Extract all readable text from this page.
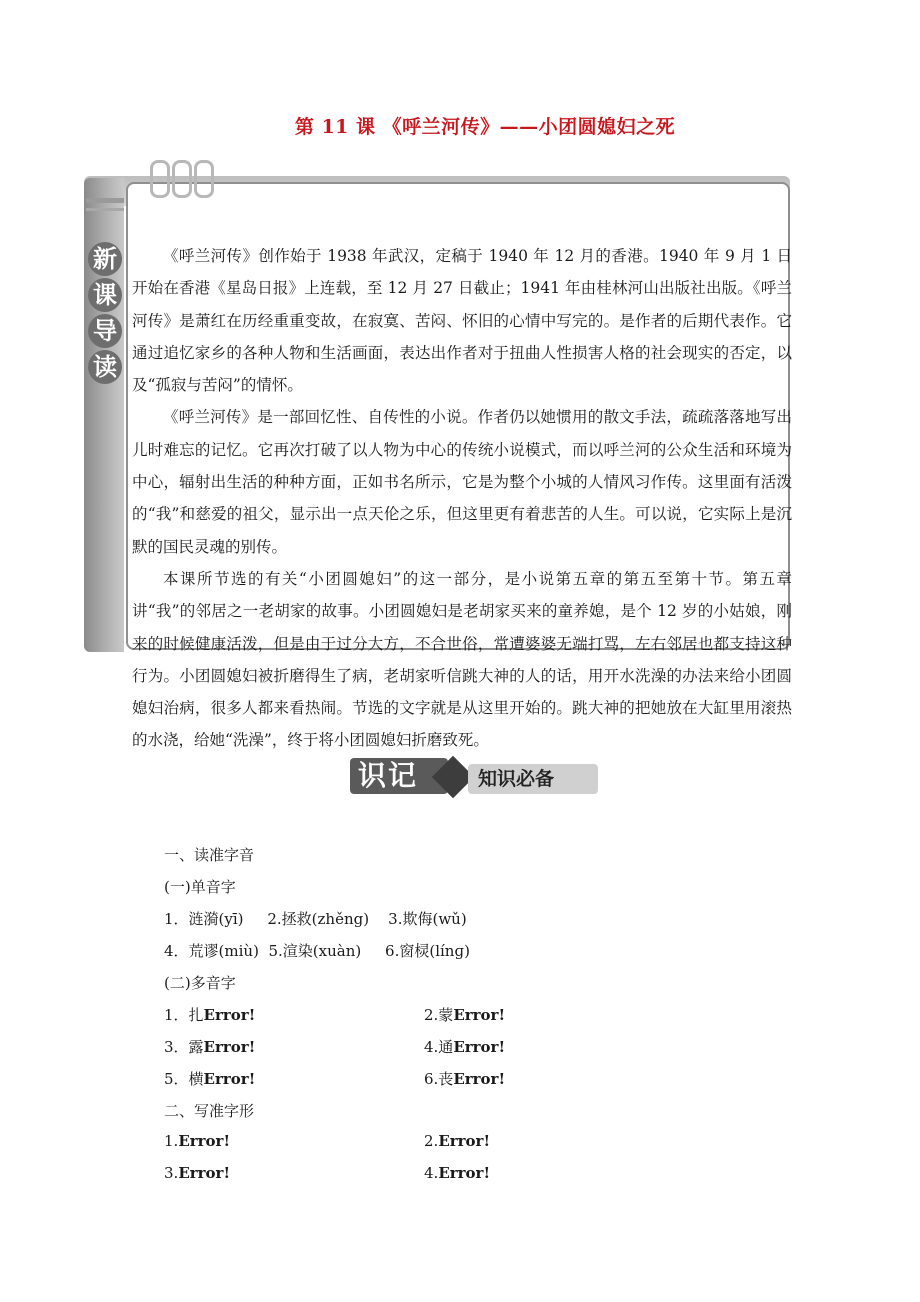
第 11 课 《呼兰河传》——小团圆媳妇之死
新
课
导
读

《呼兰河传》创作始于 1938 年武汉，定稿于 1940 年 12 月的香港。1940 年 9 月 1 日开始在香港《星岛日报》上连载，至 12 月 27 日截止；1941 年由桂林河山出版社出版。《呼兰河传》是萧红在历经重重变故，在寂寞、苦闷、怀旧的心情中写完的。是作者的后期代表作。它通过追忆家乡的各种人物和生活画面，表达出作者对于扭曲人性损害人格的社会现实的否定，以及“孤寂与苦闷”的情怀。

《呼兰河传》是一部回忆性、自传性的小说。作者仍以她惯用的散文手法，疏疏落落地写出儿时难忘的记忆。它再次打破了以人物为中心的传统小说模式，而以呼兰河的公众生活和环境为中心，辐射出生活的种种方面，正如书名所示，它是为整个小城的人情风习作传。这里面有活泼的“我”和慈爱的祖父，显示出一点天伦之乐，但这里更有着悲苦的人生。可以说，它实际上是沉默的国民灵魂的别传。

本课所节选的有关“小团圆媳妇”的这一部分，是小说第五章的第五至第十节。第五章讲“我”的邻居之一老胡家的故事。小团圆媳妇是老胡家买来的童养媳，是个 12 岁的小姑娘，刚来的时候健康活泼，但是由于过分大方，不合世俗，常遭婆婆无端打骂，左右邻居也都支持这种行为。小团圆媳妇被折磨得生了病，老胡家听信跳大神的人的话，用开水洗澡的办法来给小团圆媳妇治病，很多人都来看热闹。节选的文字就是从这里开始的。跳大神的把她放在大缸里用滚热的水浇，给她“洗澡”，终于将小团圆媳妇折磨致死。

识记	知识必备
一、读准字音
(一)单音字
1．涟漪(yī)     2.拯救(zhěng)    3.欺侮(wǔ)
4．荒谬(miù)  5.渲染(xuàn)     6.窗棂(línɡ)
(二)多音字
1．扎Error!	2.蒙Error!
3．露Error!	4.通Error!
5．横Error!	6.丧Error!
二、写准字形
1.Error!	2.Error!
3.Error!	4.Error!
